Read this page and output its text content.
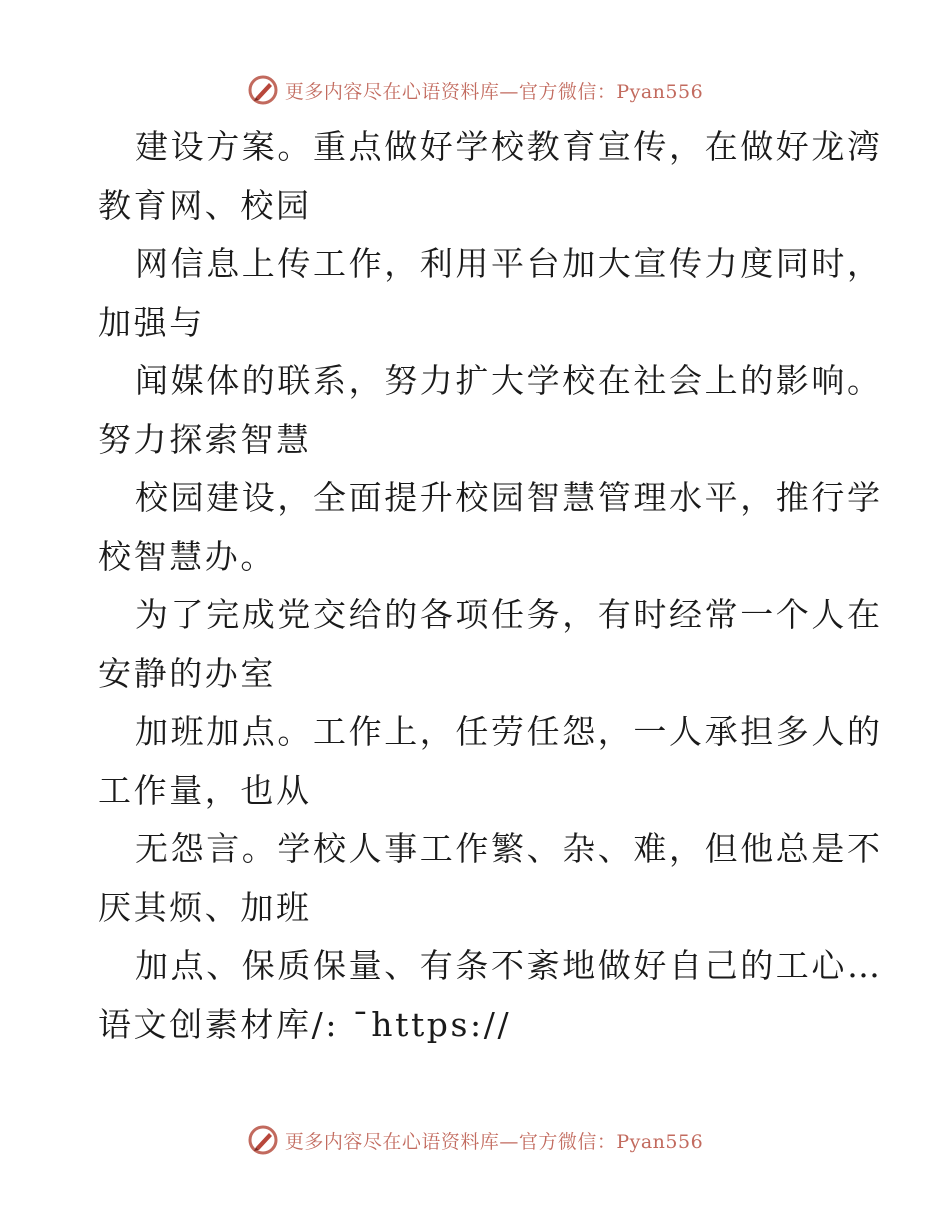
更多内容尽在心语资料库—官方微信：Pyan556
建设方案。重点做好学校教育宣传，在做好龙湾
教育网、校园
网信息上传工作，利用平台加大宣传力度同时，
加强与
闻媒体的联系，努力扩大学校在社会上的影响。
努力探索智慧
校园建设，全面提升校园智慧管理水平，推行学
校智慧办。
为了完成党交给的各项任务，有时经常一个人在
安静的办室
加班加点。工作上，任劳任怨，一人承担多人的
工作量，也从
无怨言。学校人事工作繁、杂、难，但他总是不
厌其烦、加班
加点、保质保量、有条不紊地做好自己的工心…
语文创素材库/: ¯https://
更多内容尽在心语资料库—官方微信：Pyan556
